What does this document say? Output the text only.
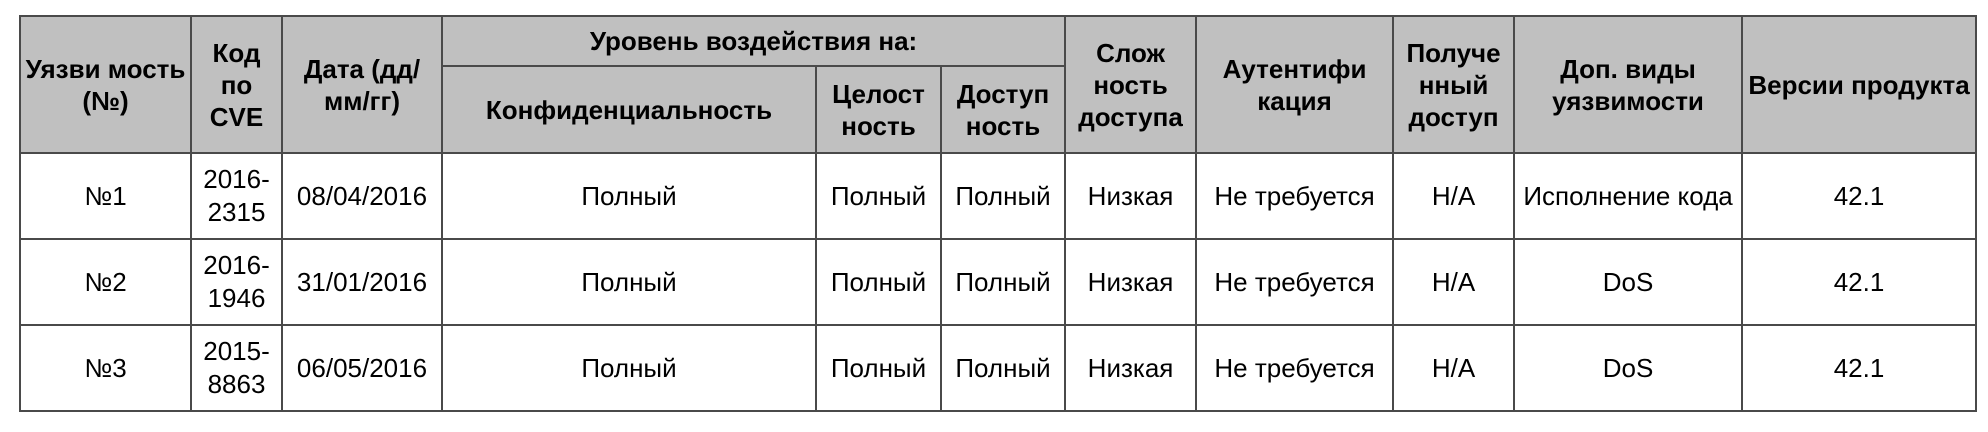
Уязви мость (№)	Код по CVE	Дата (дд/ мм/гг)	Уровень воздействия на:			Слож ность доступа	Аутентифи кация	Получе нный доступ	Доп. виды уязвимости	Версии продукта
			Конфиденциальность	Целост ность	Доступ ность					
№1	2016-2315	08/04/2016	Полный	Полный	Полный	Низкая	Не требуется	Н/А	Исполнение кода	42.1
№2	2016-1946	31/01/2016	Полный	Полный	Полный	Низкая	Не требуется	Н/А	DoS	42.1
№3	2015-8863	06/05/2016	Полный	Полный	Полный	Низкая	Не требуется	Н/А	DoS	42.1
